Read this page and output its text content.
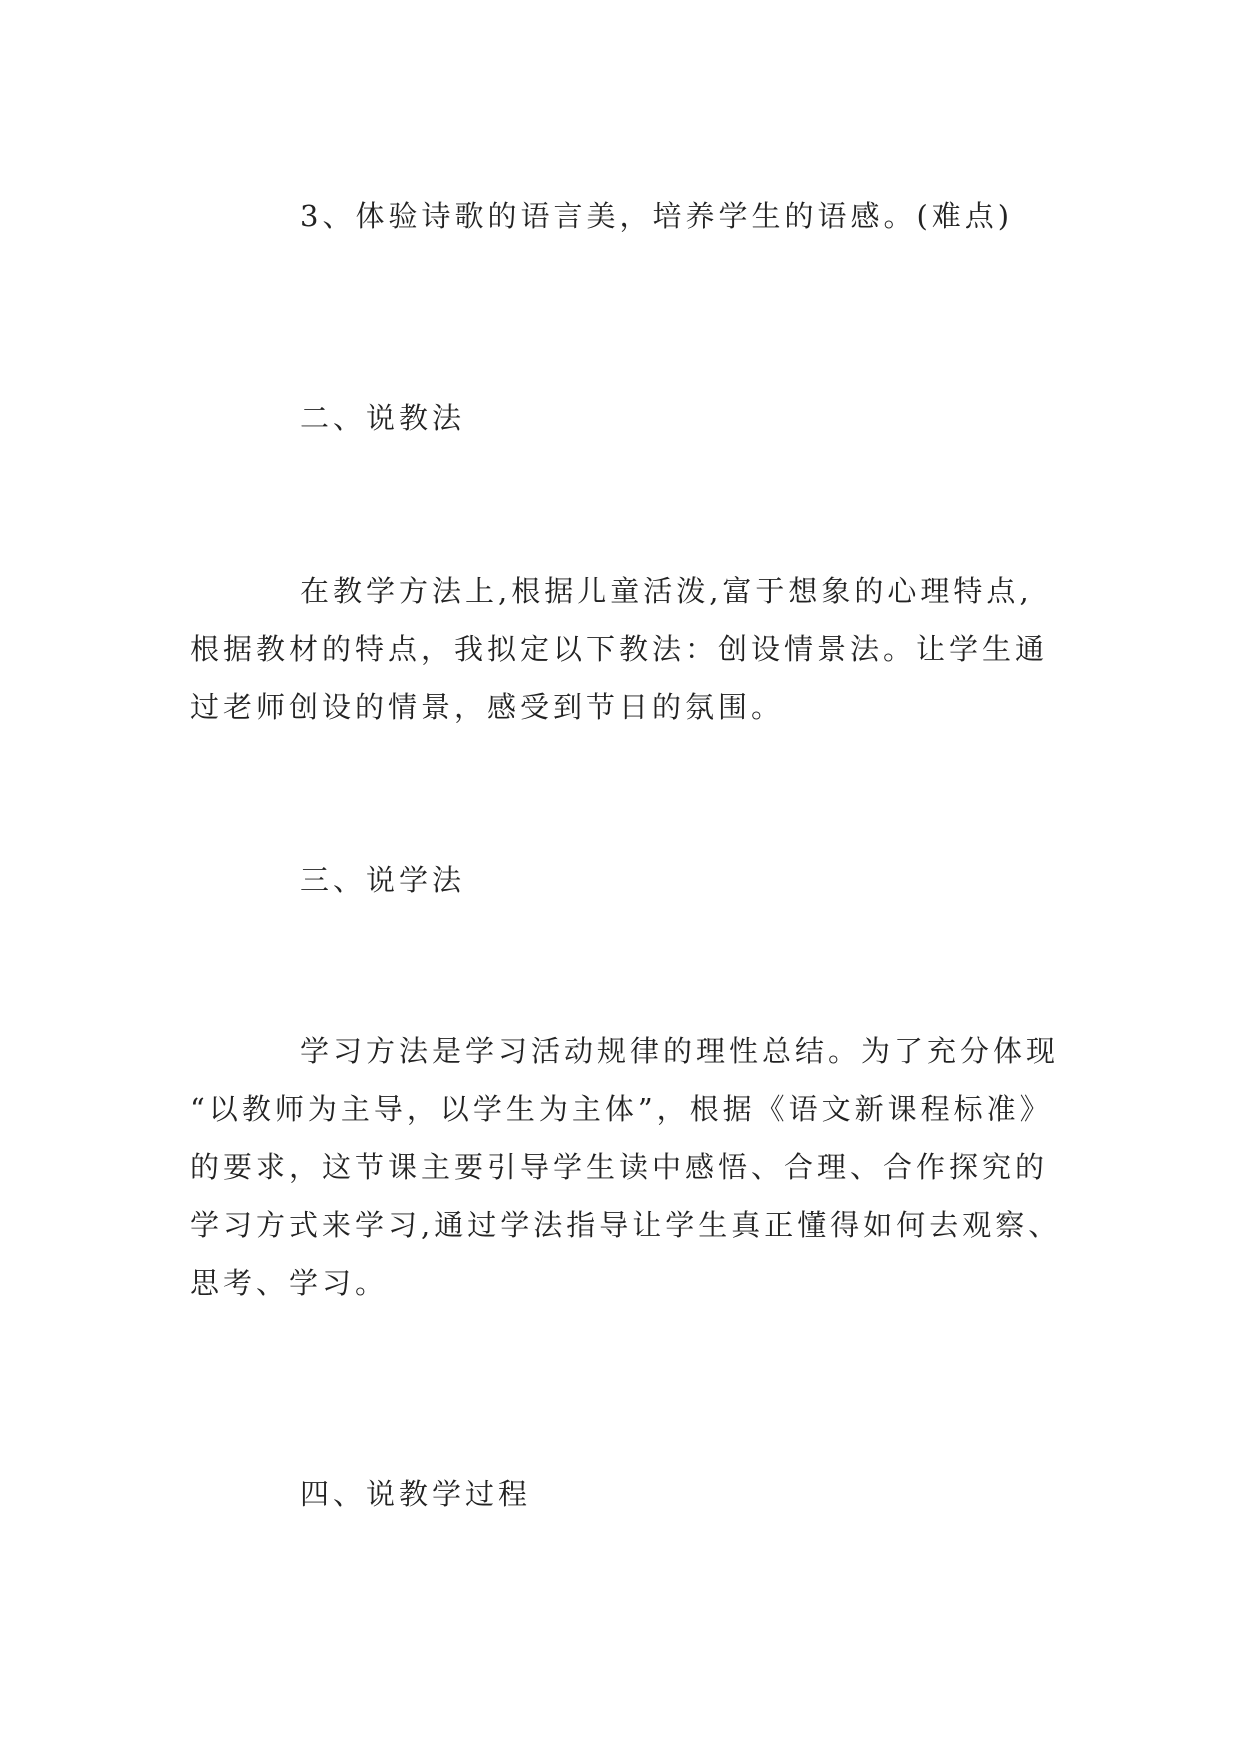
3、体验诗歌的语言美，培养学生的语感。(难点)

二、说教法

在教学方法上,根据儿童活泼,富于想象的心理特点,
根据教材的特点，我拟定以下教法：创设情景法。让学生通
过老师创设的情景，感受到节日的氛围。

三、说学法

学习方法是学习活动规律的理性总结。为了充分体现
“以教师为主导，以学生为主体”，根据《语文新课程标准》
的要求，这节课主要引导学生读中感悟、合理、合作探究的
学习方式来学习,通过学法指导让学生真正懂得如何去观察、
思考、学习。

四、说教学过程
